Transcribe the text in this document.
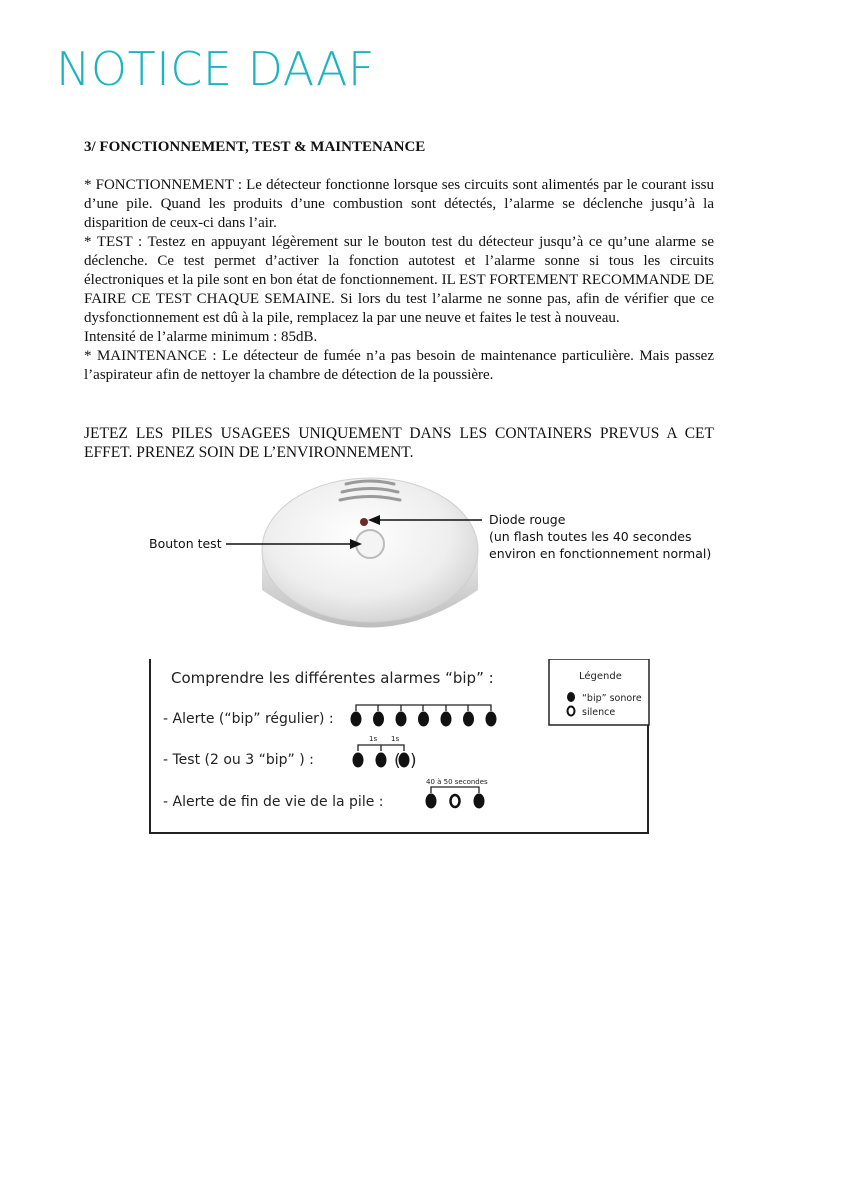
NOTICE DAAF
3/ FONCTIONNEMENT, TEST & MAINTENANCE

* FONCTIONNEMENT : Le détecteur fonctionne lorsque ses circuits sont alimentés par le courant issu d’une pile. Quand les produits d’une combustion sont détectés, l’alarme se déclenche jusqu’à la disparition de ceux-ci dans l’air.

* TEST : Testez en appuyant légèrement sur le bouton test du détecteur jusqu’à ce qu’une alarme se déclenche. Ce test permet d’activer la fonction autotest et l’alarme sonne si tous les circuits électroniques et la pile sont en bon état de fonctionnement. IL EST FORTEMENT RECOMMANDE DE FAIRE CE TEST CHAQUE SEMAINE. Si lors du test l’alarme ne sonne pas, afin de vérifier que ce dysfonctionnement est dû à la pile, remplacez la par une neuve et faites le test à nouveau.

Intensité de l’alarme minimum : 85dB.

* MAINTENANCE : Le détecteur de fumée n’a pas besoin de maintenance particulière. Mais passez l’aspirateur afin de nettoyer la chambre de détection de la poussière.

JETEZ LES PILES USAGEES UNIQUEMENT DANS LES CONTAINERS PREVUS A CET EFFET. PRENEZ SOIN DE L’ENVIRONNEMENT.
Bouton test
Diode rouge
(un flash toutes les 40 secondes
environ en fonctionnement normal)
Comprendre les différentes alarmes “bip” :	Légende
“bip” sonore
silence
- Alerte (“bip” régulier) :
- Test (2 ou 3 “bip” ) :
- Alerte de fin de vie de la pile :
1s 1s
40 à 50 secondes
( )
